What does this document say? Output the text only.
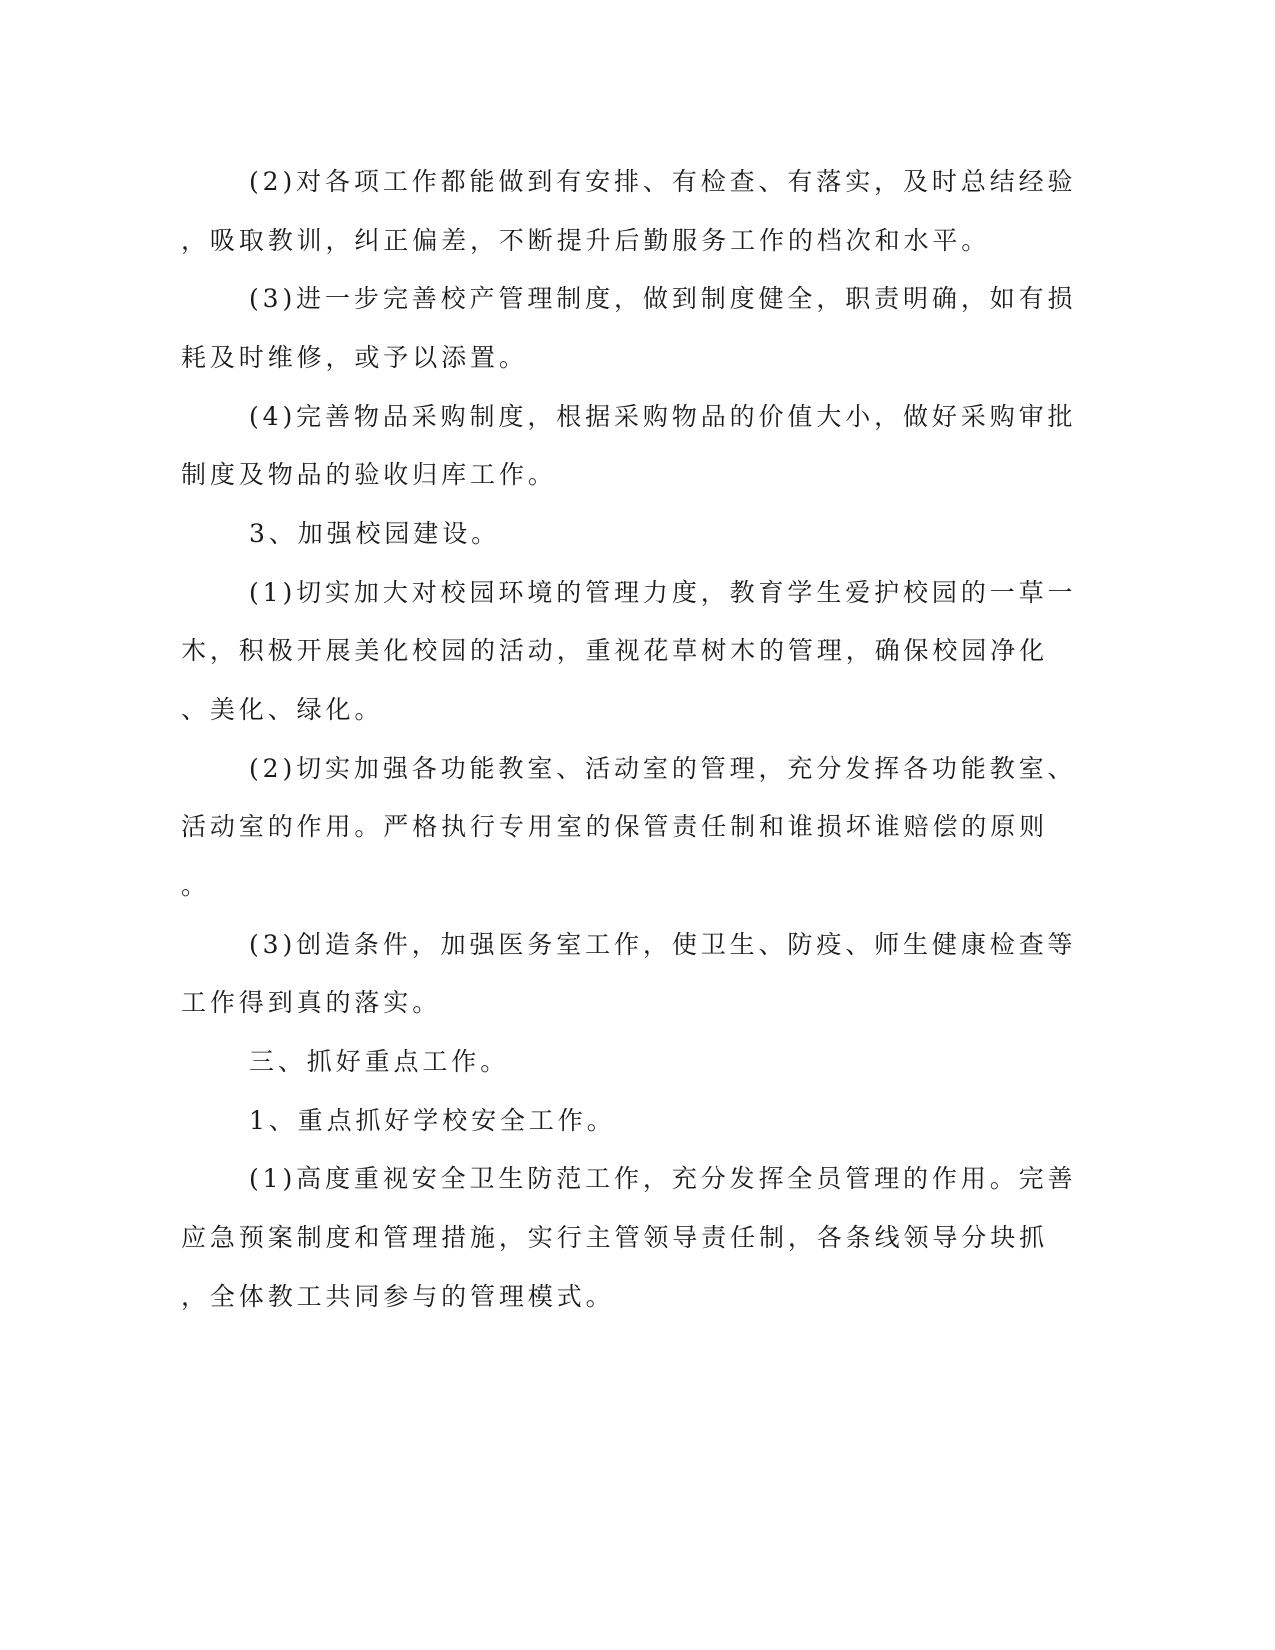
(2)对各项工作都能做到有安排、有检查、有落实，及时总结经验
，吸取教训，纠正偏差，不断提升后勤服务工作的档次和水平。
(3)进一步完善校产管理制度，做到制度健全，职责明确，如有损
耗及时维修，或予以添置。
(4)完善物品采购制度，根据采购物品的价值大小，做好采购审批
制度及物品的验收归库工作。
3、加强校园建设。
(1)切实加大对校园环境的管理力度，教育学生爱护校园的一草一
木，积极开展美化校园的活动，重视花草树木的管理，确保校园净化
、美化、绿化。
(2)切实加强各功能教室、活动室的管理，充分发挥各功能教室、
活动室的作用。严格执行专用室的保管责任制和谁损坏谁赔偿的原则
。
(3)创造条件，加强医务室工作，使卫生、防疫、师生健康检查等
工作得到真的落实。
三、抓好重点工作。
1、重点抓好学校安全工作。
(1)高度重视安全卫生防范工作，充分发挥全员管理的作用。完善
应急预案制度和管理措施，实行主管领导责任制，各条线领导分块抓
，全体教工共同参与的管理模式。
